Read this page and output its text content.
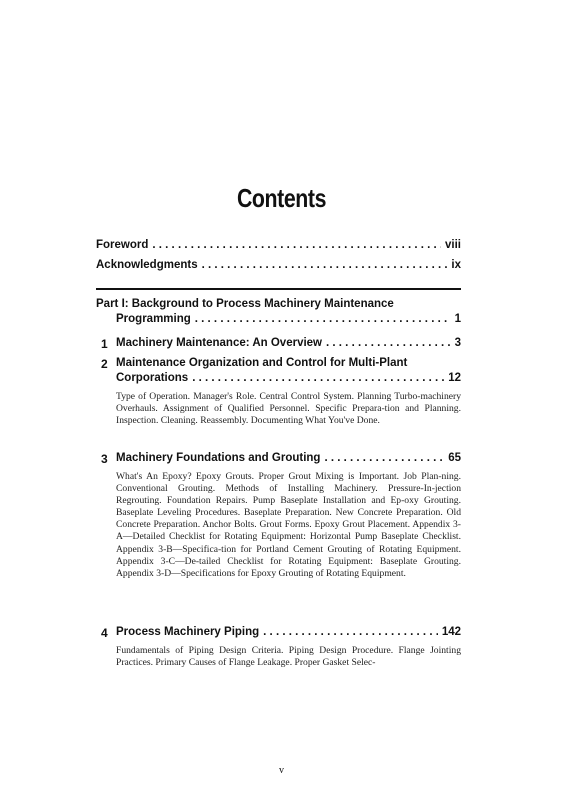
Contents
Foreword . . .	viii
Acknowledgments . . .	ix
Part I: Background to Process Machinery Maintenance
Programming . . .	1
1 Machinery Maintenance: An Overview . . .	3
2 Maintenance Organization and Control for Multi-Plant
Corporations . . .	12
Type of Operation. Manager's Role. Central Control System. Planning Turbo-machinery Overhauls. Assignment of Qualified Personnel. Specific Prepara-tion and Planning. Inspection. Cleaning. Reassembly. Documenting What You've Done.
3 Machinery Foundations and Grouting . . .	65
What's An Epoxy? Epoxy Grouts. Proper Grout Mixing is Important. Job Plan-ning. Conventional Grouting. Methods of Installing Machinery. Pressure-In-jection Regrouting. Foundation Repairs. Pump Baseplate Installation and Ep-oxy Grouting. Baseplate Leveling Procedures. Baseplate Preparation. New Concrete Preparation. Old Concrete Preparation. Anchor Bolts. Grout Forms. Epoxy Grout Placement. Appendix 3-A—Detailed Checklist for Rotating Equipment: Horizontal Pump Baseplate Checklist. Appendix 3-B—Specifica-tion for Portland Cement Grouting of Rotating Equipment. Appendix 3-C—De-tailed Checklist for Rotating Equipment: Baseplate Grouting. Appendix 3-D—Specifications for Epoxy Grouting of Rotating Equipment.
4 Process Machinery Piping . . .	142
Fundamentals of Piping Design Criteria. Piping Design Procedure. Flange Jointing Practices. Primary Causes of Flange Leakage. Proper Gasket Selec-
v
